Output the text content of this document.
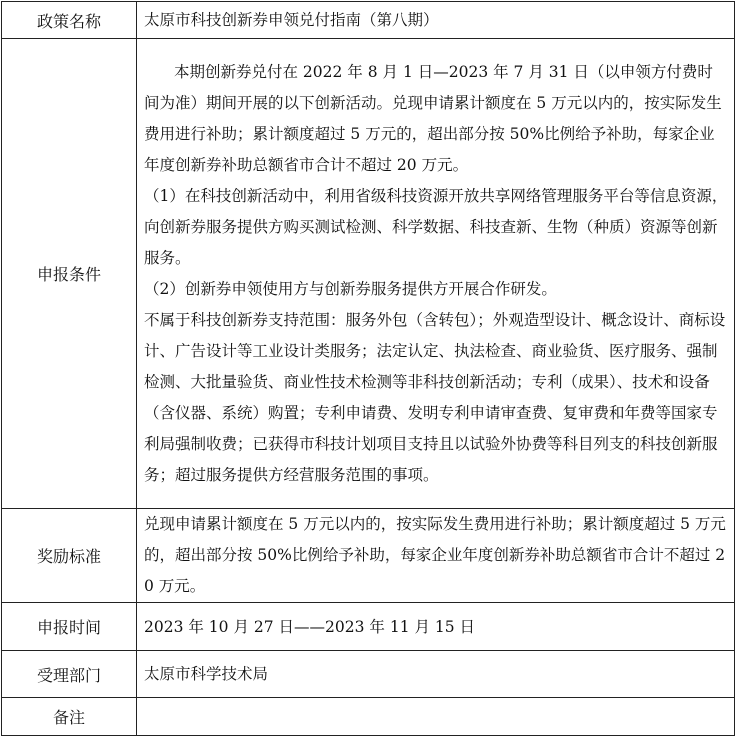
政策名称	太原市科技创新券申领兑付指南（第八期）
申报条件	本期创新券兑付在 2022 年 8 月 1 日—2023 年 7 月 31 日（以申领方付费时间为准）期间开展的以下创新活动。兑现申请累计额度在 5 万元以内的，按实际发生费用进行补助；累计额度超过 5 万元的，超出部分按 50%比例给予补助，每家企业年度创新券补助总额省市合计不超过 20 万元。

（1）在科技创新活动中，利用省级科技资源开放共享网络管理服务平台等信息资源，向创新券服务提供方购买测试检测、科学数据、科技查新、生物（种质）资源等创新服务。

（2）创新券申领使用方与创新券服务提供方开展合作研发。

不属于科技创新券支持范围：服务外包（含转包）；外观造型设计、概念设计、商标设计、广告设计等工业设计类服务；法定认定、执法检查、商业验货、医疗服务、强制检测、大批量验货、商业性技术检测等非科技创新活动；专利（成果）、技术和设备（含仪器、系统）购置；专利申请费、发明专利申请审查费、复审费和年费等国家专利局强制收费；已获得市科技计划项目支持且以试验外协费等科目列支的科技创新服务；超过服务提供方经营服务范围的事项。

奖励标准	兑现申请累计额度在 5 万元以内的，按实际发生费用进行补助；累计额度超过 5 万元的，超出部分按 50%比例给予补助，每家企业年度创新券补助总额省市合计不超过 20 万元。
申报时间	2023 年 10 月 27 日——2023 年 11 月 15 日
受理部门	太原市科学技术局
备注	
